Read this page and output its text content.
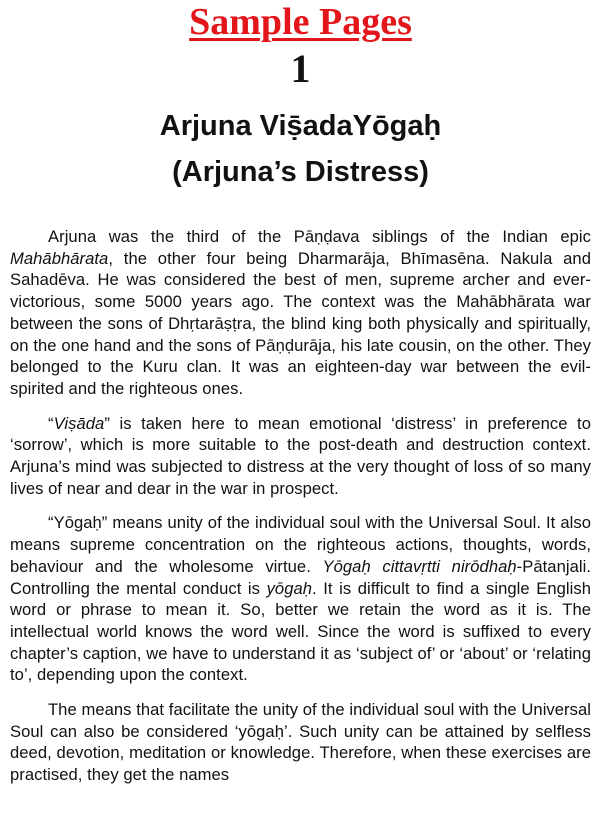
Sample Pages
1
Arjuna Viṣ̄adaYōgaḥ
(Arjuna’s Distress)

Arjuna was the third of the Pāṇḍava siblings of the Indian epic Mahābhārata, the other four being Dharmarāja, Bhīmasēna. Nakula and Sahadēva. He was considered the best of men, supreme archer and ever-victorious, some 5000 years ago. The context was the Mahābhārata war between the sons of Dhṛtarāṣṭra, the blind king both physically and spiritually, on the one hand and the sons of Pāṇḍurāja, his late cousin, on the other. They belonged to the Kuru clan. It was an eighteen-day war between the evil-spirited and the righteous ones.

“Viṣāda” is taken here to mean emotional ‘distress’ in preference to ‘sorrow’, which is more suitable to the post-death and destruction context. Arjuna’s mind was subjected to distress at the very thought of loss of so many lives of near and dear in the war in prospect.

“Yōgaḥ” means unity of the individual soul with the Universal Soul. It also means supreme concentration on the righteous actions, thoughts, words, behaviour and the wholesome virtue. Yōgaḥ cittavṛtti nirōdhaḥ-Pātanjali. Controlling the mental conduct is yōgaḥ. It is difficult to find a single English word or phrase to mean it. So, better we retain the word as it is. The intellectual world knows the word well. Since the word is suffixed to every chapter’s caption, we have to understand it as ‘subject of’ or ‘about’ or ‘relating to’, depending upon the context.

The means that facilitate the unity of the individual soul with the Universal Soul can also be considered ‘yōgaḥ’. Such unity can be attained by selfless deed, devotion, meditation or knowledge. Therefore, when these exercises are practised, they get the names
